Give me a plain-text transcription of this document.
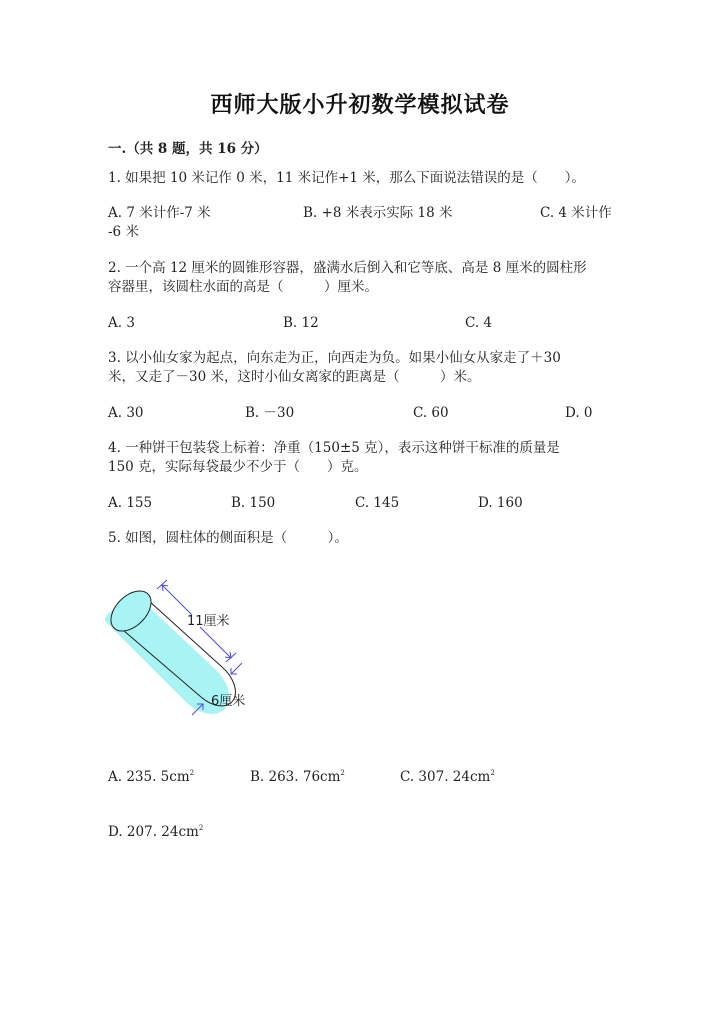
西师大版小升初数学模拟试卷
一.（共 8 题，共 16 分）
1. 如果把 10 米记作 0 米，11 米记作+1 米，那么下面说法错误的是（　　）。
A. 7 米计作-7 米	B. +8 米表示实际 18 米	C. 4 米计作
-6 米
2. 一个高 12 厘米的圆锥形容器，盛满水后倒入和它等底、高是 8 厘米的圆柱形
容器里，该圆柱水面的高是（　　　）厘米。
A. 3	B. 12	C. 4
3. 以小仙女家为起点，向东走为正，向西走为负。如果小仙女从家走了＋30
米，又走了－30 米，这时小仙女离家的距离是（　　　）米。
A. 30	B. －30	C. 60	D. 0
4. 一种饼干包装袋上标着：净重（150±5 克），表示这种饼干标准的质量是
150 克，实际每袋最少不少于（　　）克。
A. 155	B. 150	C. 145	D. 160
5. 如图，圆柱体的侧面积是（　　　）。
11厘米
6厘米
A. 235. $5cm^2$	B. 263. $76cm^2$	C. 307. $24cm^2$
D. 207. $24cm^2$
